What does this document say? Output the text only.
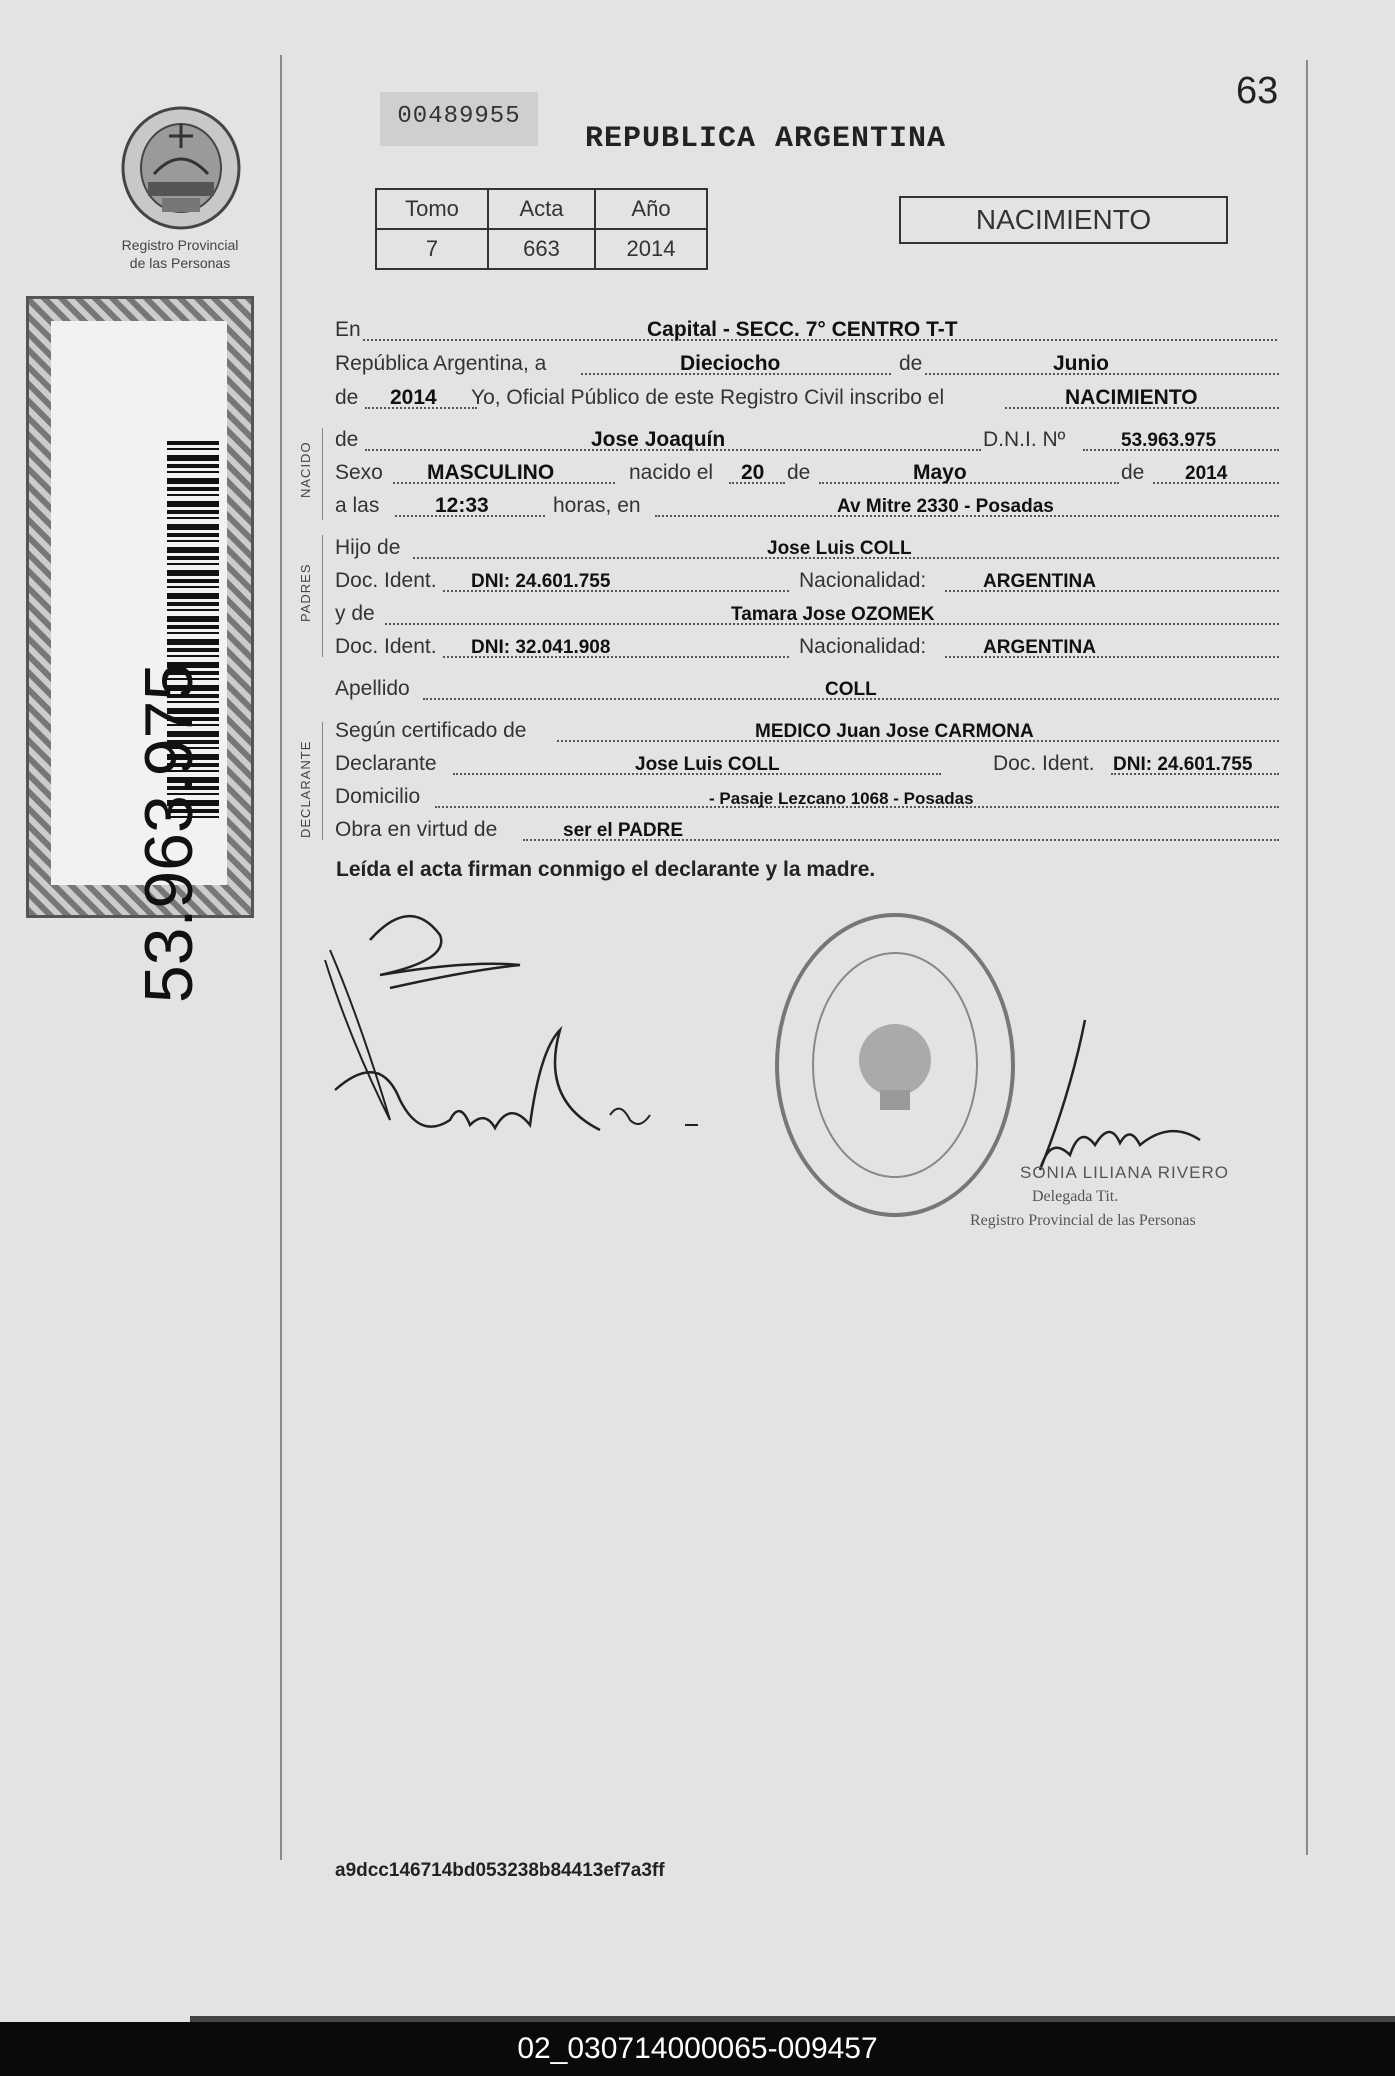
Registro Provincial
de las Personas
53.963.975
00489955
REPUBLICA ARGENTINA
63
Tomo	Acta	Año
7	663	2014
NACIMIENTO
NACIDO
PADRES
DECLARANTE
En	Capital - SECC. 7° CENTRO T-T
República Argentina, a	Dieciocho	de	Junio
de 2014 Yo, Oficial Público de este Registro Civil inscribo el	NACIMIENTO
de	Jose Joaquín	D.N.I. Nº	53.963.975
Sexo MASCULINO	nacido el 20 de	Mayo	de 2014
a las	12:33	horas, en	Av Mitre 2330 - Posadas
Hijo de	Jose Luis COLL
Doc. Ident. DNI: 24.601.755	Nacionalidad:	ARGENTINA
y de	Tamara Jose OZOMEK
Doc. Ident. DNI: 32.041.908	Nacionalidad:	ARGENTINA
Apellido	COLL
Según certificado de	MEDICO Juan Jose CARMONA
Declarante	Jose Luis COLL	Doc. Ident. DNI: 24.601.755
Domicilio	- Pasaje Lezcano 1068 - Posadas
Obra en virtud de	ser el PADRE
Leída el acta firman conmigo el declarante y la madre.
SONIA LILIANA RIVERO
Delegada Tit.
Registro Provincial de las Personas
a9dcc146714bd053238b84413ef7a3ff
02_030714000065-009457
